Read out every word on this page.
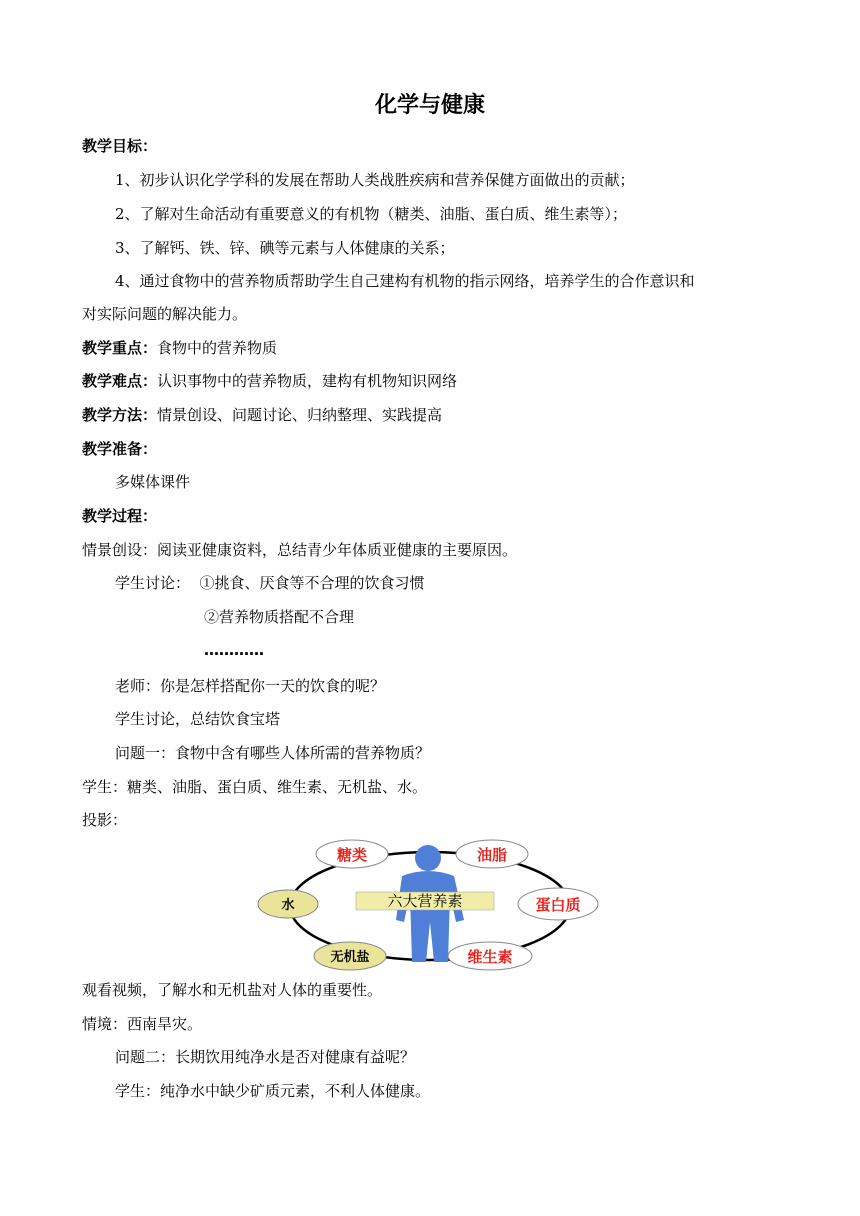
化学与健康
教学目标：
1、初步认识化学学科的发展在帮助人类战胜疾病和营养保健方面做出的贡献；
2、了解对生命活动有重要意义的有机物（糖类、油脂、蛋白质、维生素等）；
3、了解钙、铁、锌、碘等元素与人体健康的关系；
4、通过食物中的营养物质帮助学生自己建构有机物的指示网络，培养学生的合作意识和
对实际问题的解决能力。
教学重点：食物中的营养物质
教学难点：认识事物中的营养物质，建构有机物知识网络
教学方法：情景创设、问题讨论、归纳整理、实践提高
教学准备：
多媒体课件
教学过程：
情景创设：阅读亚健康资料，总结青少年体质亚健康的主要原因。
学生讨论：  ①挑食、厌食等不合理的饮食习惯
②营养物质搭配不合理
…………
老师：你是怎样搭配你一天的饮食的呢？
学生讨论，总结饮食宝塔
问题一：食物中含有哪些人体所需的营养物质？
学生：糖类、油脂、蛋白质、维生素、无机盐、水。
投影：
六大营养素
糖类	油脂
蛋白质
维生素
无机盐
水
观看视频，了解水和无机盐对人体的重要性。
情境：西南旱灾。
问题二：长期饮用纯净水是否对健康有益呢？
学生：纯净水中缺少矿质元素，不利人体健康。
